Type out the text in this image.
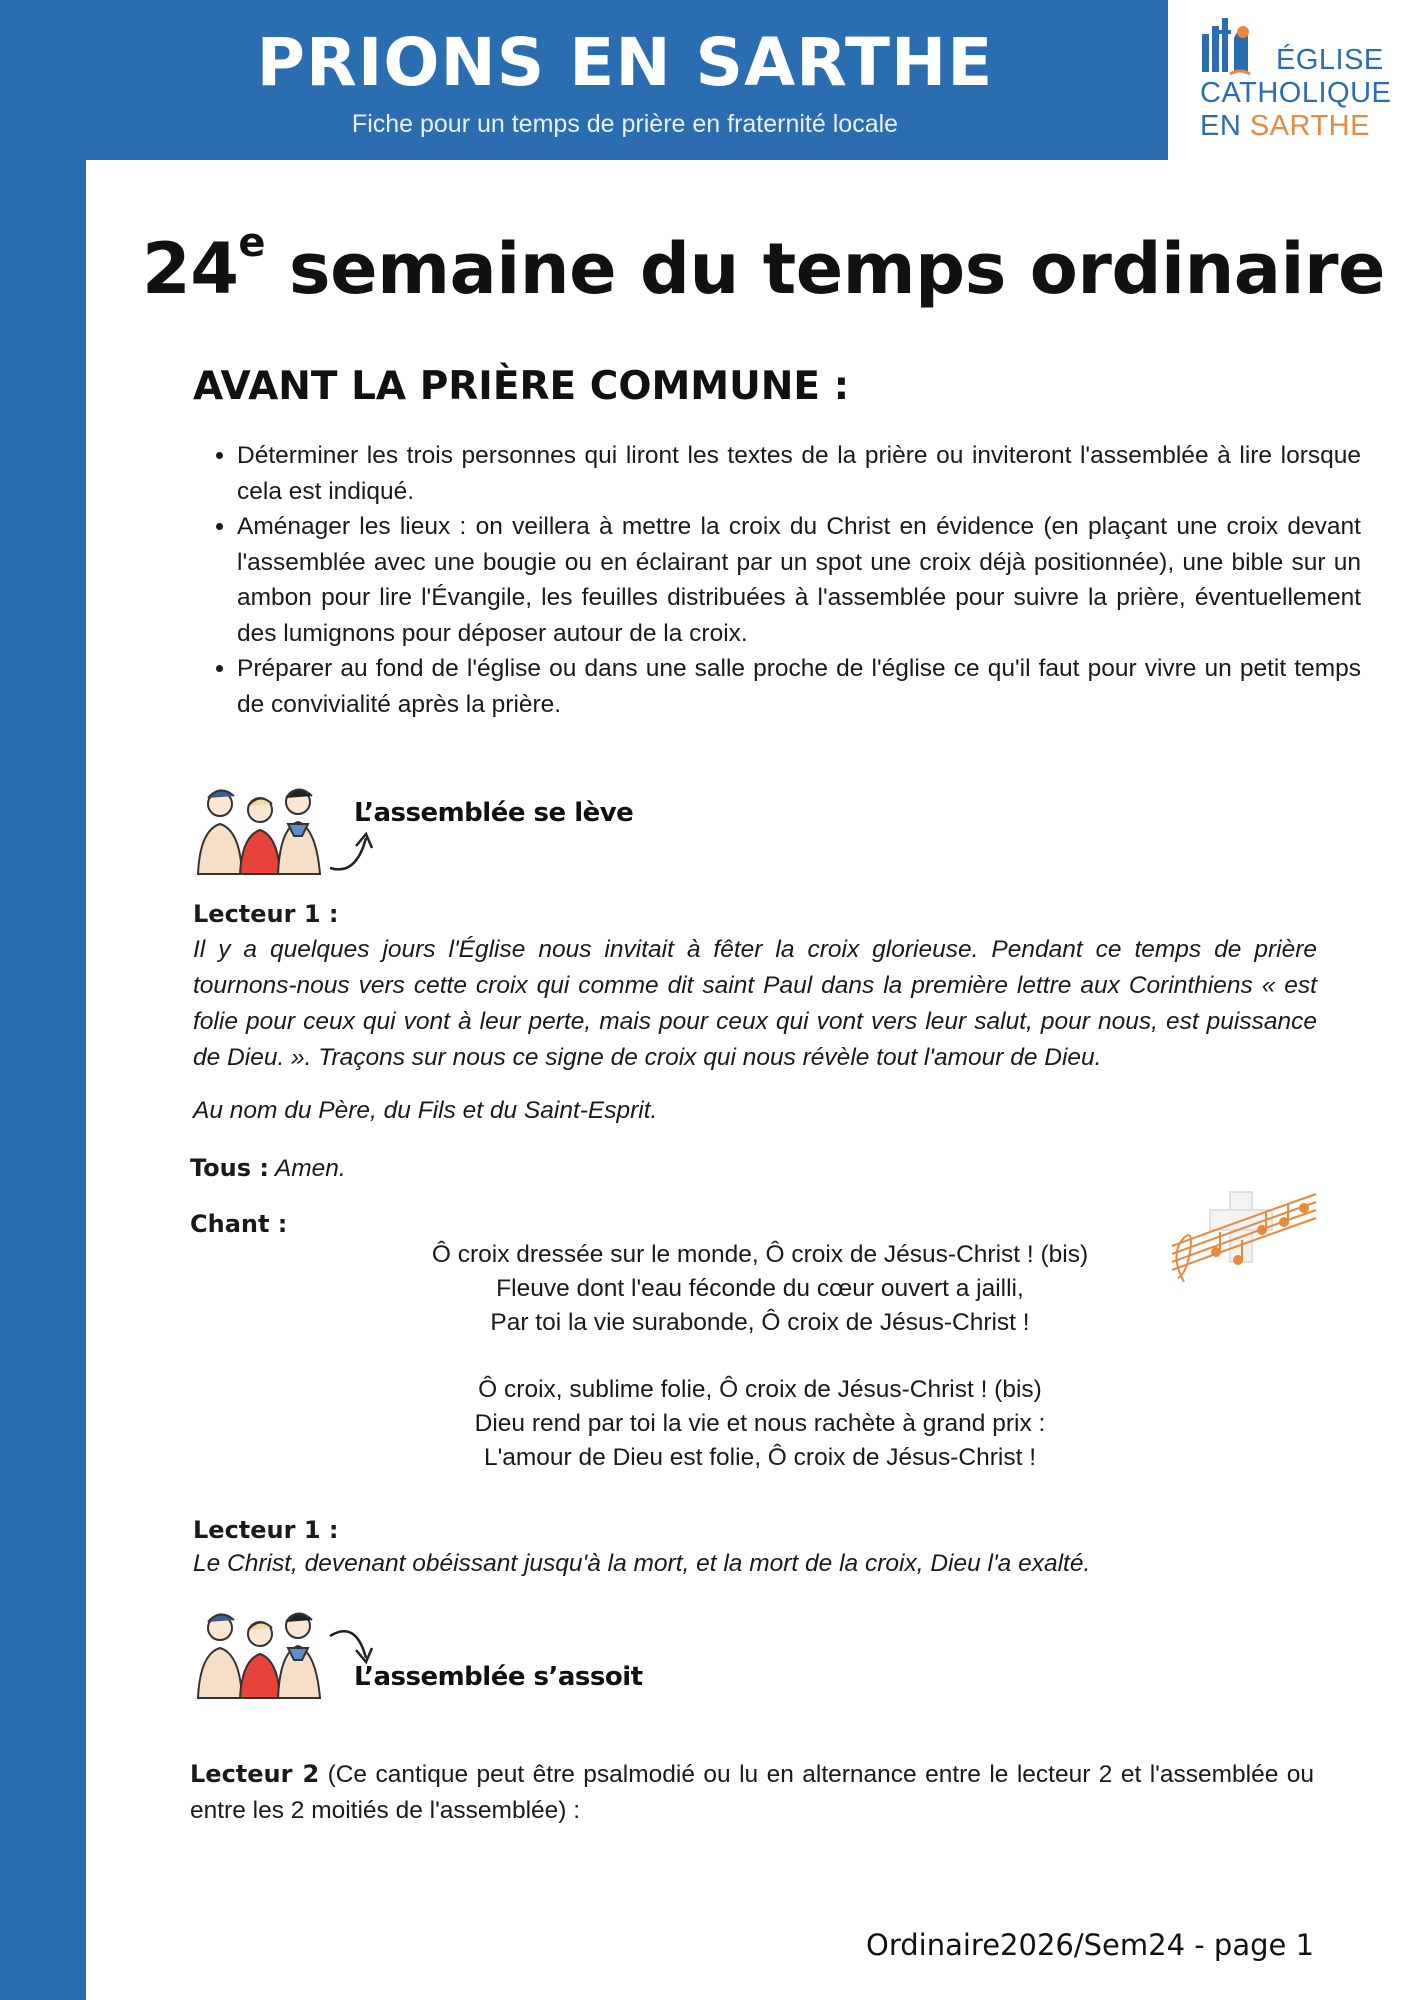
PRIONS EN SARTHE
Fiche pour un temps de prière en fraternité locale
ÉGLISE
CATHOLIQUE
EN SARTHE
24e semaine du temps ordinaire
AVANT LA PRIÈRE COMMUNE :
• Déterminer les trois personnes qui liront les textes de la prière ou inviteront l'assemblée à lire lorsque cela est indiqué.
• Aménager les lieux : on veillera à mettre la croix du Christ en évidence (en plaçant une croix devant l'assemblée avec une bougie ou en éclairant par un spot une croix déjà positionnée), une bible sur un ambon pour lire l'Évangile, les feuilles distribuées à l'assemblée pour suivre la prière, éventuellement des lumignons pour déposer autour de la croix.
• Préparer au fond de l'église ou dans une salle proche de l'église ce qu'il faut pour vivre un petit temps de convivialité après la prière.
L’assemblée se lève
Lecteur 1 :
Il y a quelques jours l'Église nous invitait à fêter la croix glorieuse. Pendant ce temps de prière tournons-nous vers cette croix qui comme dit saint Paul dans la première lettre aux Corinthiens « est folie pour ceux qui vont à leur perte, mais pour ceux qui vont vers leur salut, pour nous, est puissance de Dieu. ». Traçons sur nous ce signe de croix qui nous révèle tout l'amour de Dieu.
Au nom du Père, du Fils et du Saint-Esprit.
Tous : Amen.
Chant :
Ô croix dressée sur le monde, Ô croix de Jésus-Christ ! (bis)
Fleuve dont l'eau féconde du cœur ouvert a jailli,
Par toi la vie surabonde, Ô croix de Jésus-Christ !
Ô croix, sublime folie, Ô croix de Jésus-Christ ! (bis)
Dieu rend par toi la vie et nous rachète à grand prix :
L'amour de Dieu est folie, Ô croix de Jésus-Christ !
Lecteur 1 :
Le Christ, devenant obéissant jusqu'à la mort, et la mort de la croix, Dieu l'a exalté.
L’assemblée s’assoit
Lecteur 2 (Ce cantique peut être psalmodié ou lu en alternance entre le lecteur 2 et l'assemblée ou entre les 2 moitiés de l'assemblée) :
Ordinaire2026/Sem24 - page 1
